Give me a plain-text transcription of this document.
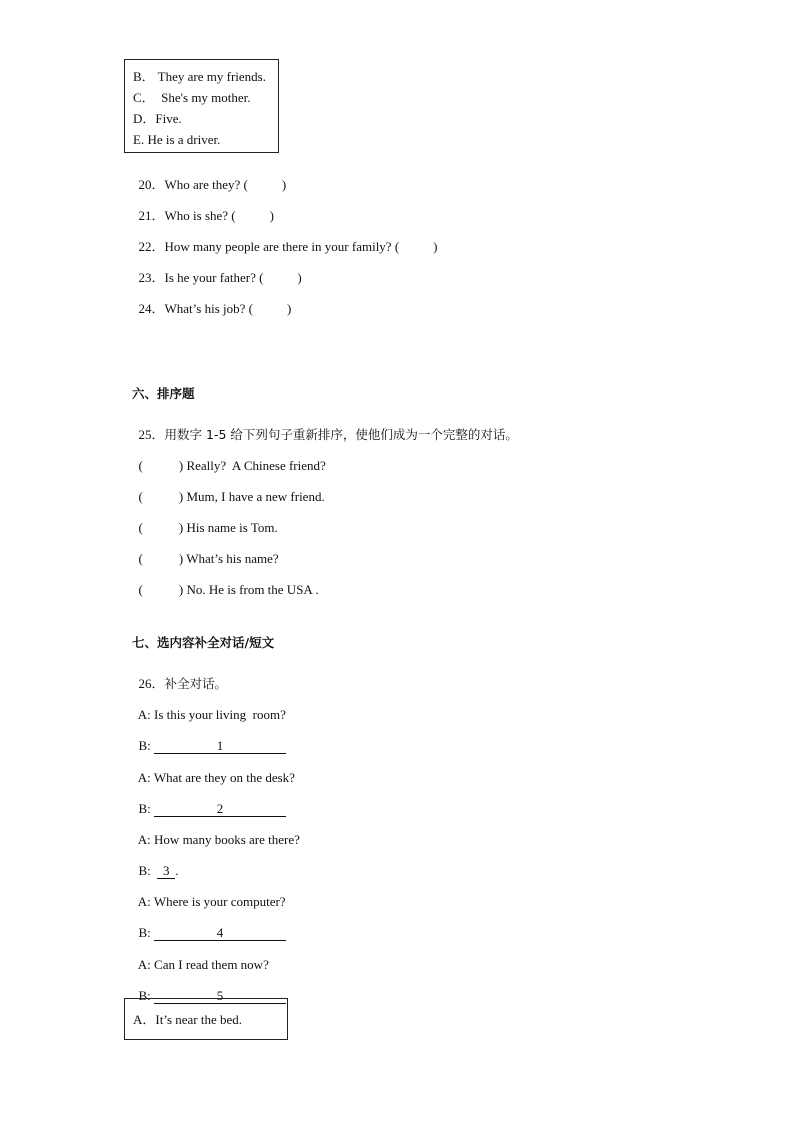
B． They are my friends.
C．  She's my mother.
D．Five.
E. He is a driver.

20．Who are they? (	)

21．Who is she? (	)

22．How many people are there in your family? (	)

23．Is he your father? (	)

24．What’s his job? (	)

六、排序题

25．用数字 1-5 给下列句子重新排序，使他们成为一个完整的对话。

(	) Really?  A Chinese friend?

(	) Mum, I have a new friend.

(	) His name is Tom.

(	) What’s his name?

(	) No. He is from the USA .

七、选内容补全对话/短文

26．补全对话。

A: Is this your living  room?

B:	1

A: What are they on the desk?

B:	2

A: How many books are there?

B: 3 .

A: Where is your computer?

B:	4

A: Can I read them now?

B:	5

A．It’s near the bed.
